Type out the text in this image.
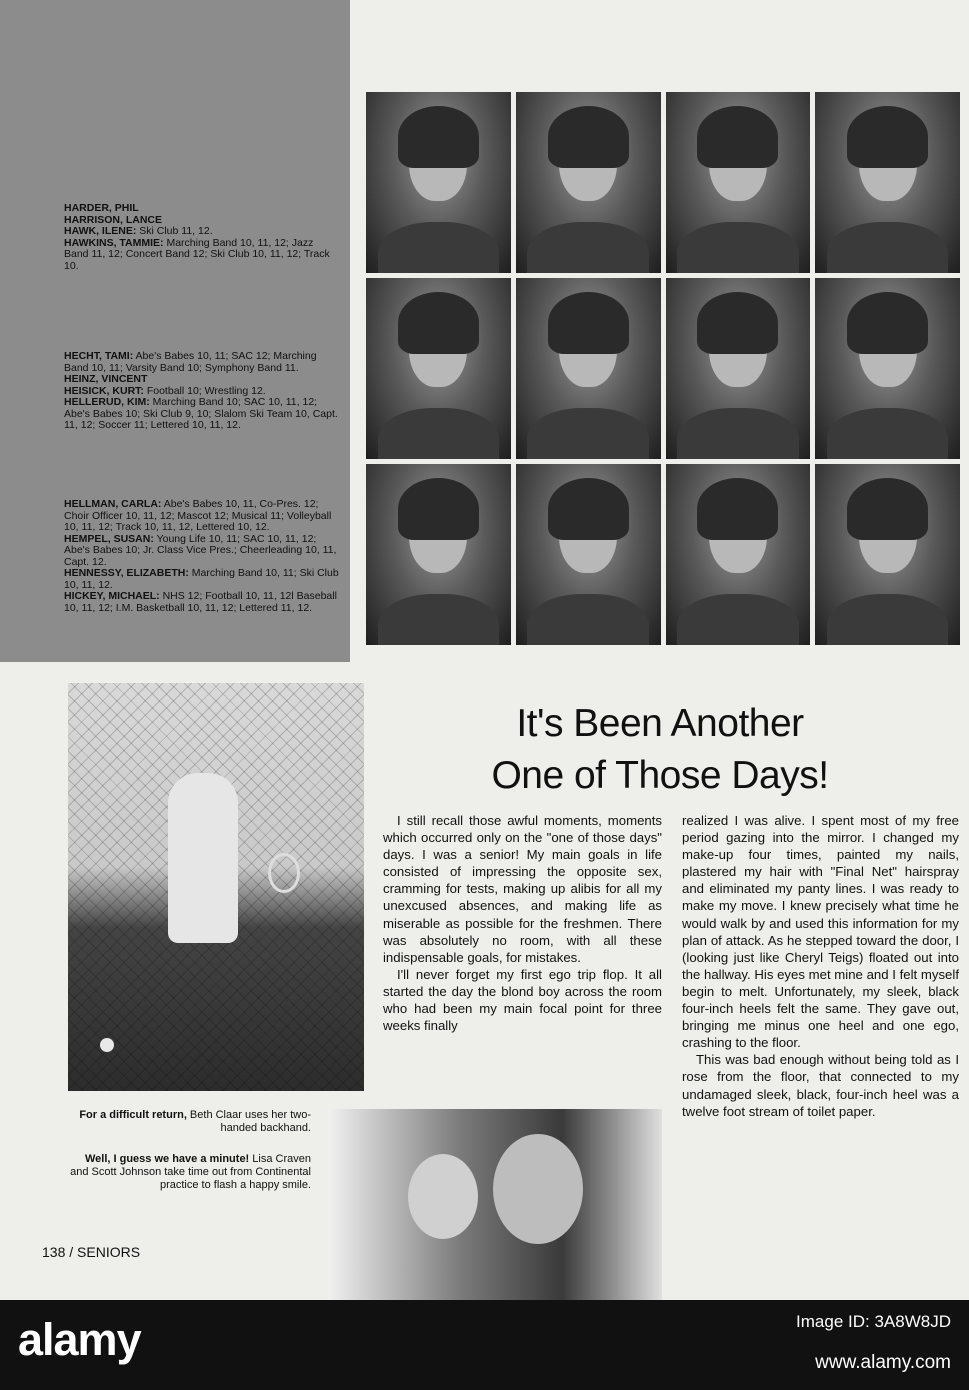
HARDER, PHIL

HARRISON, LANCE

HAWK, ILENE: Ski Club 11, 12.

HAWKINS, TAMMIE: Marching Band 10, 11, 12; Jazz Band 11, 12; Concert Band 12; Ski Club 10, 11, 12; Track 10.

HECHT, TAMI: Abe's Babes 10, 11; SAC 12; Marching Band 10, 11; Varsity Band 10; Symphony Band 11.

HEINZ, VINCENT

HEISICK, KURT: Football 10; Wrestling 12.

HELLERUD, KIM: Marching Band 10; SAC 10, 11, 12; Abe's Babes 10; Ski Club 9, 10; Slalom Ski Team 10, Capt. 11, 12; Soccer 11; Lettered 10, 11, 12.

HELLMAN, CARLA: Abe's Babes 10, 11, Co-Pres. 12; Choir Officer 10, 11, 12; Mascot 12; Musical 11; Volleyball 10, 11, 12; Track 10, 11, 12, Lettered 10, 12.

HEMPEL, SUSAN: Young Life 10, 11; SAC 10, 11, 12; Abe's Babes 10; Jr. Class Vice Pres.; Cheerleading 10, 11, Capt. 12.

HENNESSY, ELIZABETH: Marching Band 10, 11; Ski Club 10, 11, 12.

HICKEY, MICHAEL: NHS 12; Football 10, 11, 12l Baseball 10, 11, 12; I.M. Basketball 10, 11, 12; Lettered 11, 12.

For a difficult return, Beth Claar uses her two-handed backhand.
Well, I guess we have a minute! Lisa Craven and Scott Johnson take time out from Continental practice to flash a happy smile.
It's Been Another
One of Those Days!

I still recall those awful moments, moments which occurred only on the "one of those days" days. I was a senior! My main goals in life consisted of impressing the opposite sex, cramming for tests, making up alibis for all my unexcused absences, and making life as miserable as possible for the freshmen. There was absolutely no room, with all these indispensable goals, for mistakes.

I'll never forget my first ego trip flop. It all started the day the blond boy across the room who had been my main focal point for three weeks finally

realized I was alive. I spent most of my free period gazing into the mirror. I changed my make-up four times, painted my nails, plastered my hair with "Final Net" hairspray and eliminated my panty lines. I was ready to make my move. I knew precisely what time he would walk by and used this information for my plan of attack. As he stepped toward the door, I (looking just like Cheryl Teigs) floated out into the hallway. His eyes met mine and I felt myself begin to melt. Unfortunately, my sleek, black four-inch heels felt the same. They gave out, bringing me minus one heel and one ego, crashing to the floor.

This was bad enough without being told as I rose from the floor, that connected to my undamaged sleek, black, four-inch heel was a twelve foot stream of toilet paper.

138 / SENIORS
alamy	Image ID: 3A8W8JD
www.alamy.com
